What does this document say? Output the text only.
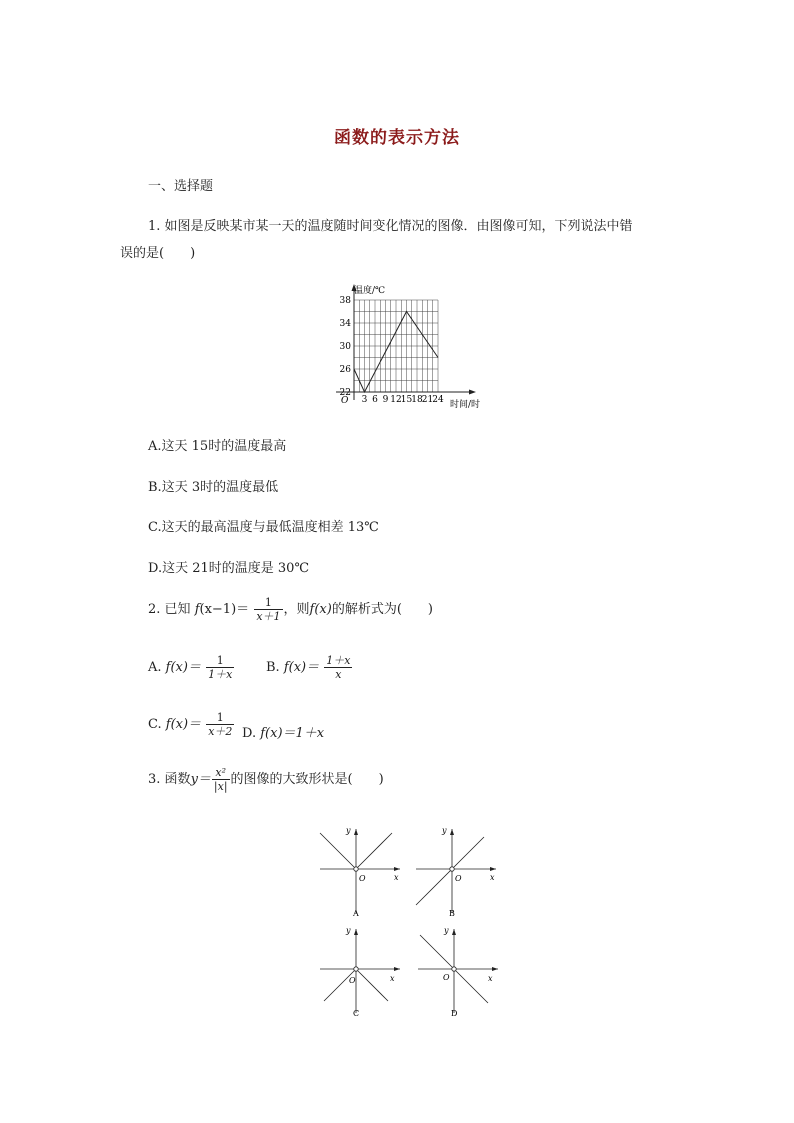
函数的表示方法
一、选择题
1. 如图是反映某市某一天的温度随时间变化情况的图像．由图像可知，下列说法中错
误的是(　　)
3 6 9 12 15 18 21 24
22
26
30
34
38
温度/℃
时间/时
O
A.这天 15时的温度最高
B.这天 3时的温度最低
C.这天的最高温度与最低温度相差 13℃
D.这天 21时的温度是 30℃
2. 已知 $f(x-1)= \frac{1}{x+1}$ ，则f(x)的解析式为(　　)
A. $f(x)= \frac{1}{1+x} B$. $f(x)= \frac{1+x}{x}$
C. $f(x)= \frac{1}{x+2} D$. f(x)＝1＋x
3. 函数$y= \frac{\text{x²}}{|x|}$ 的图像的大致形状是(　　)
y
x
O
A
y
x
O
B
y
x
O
C
y
x
O
D
